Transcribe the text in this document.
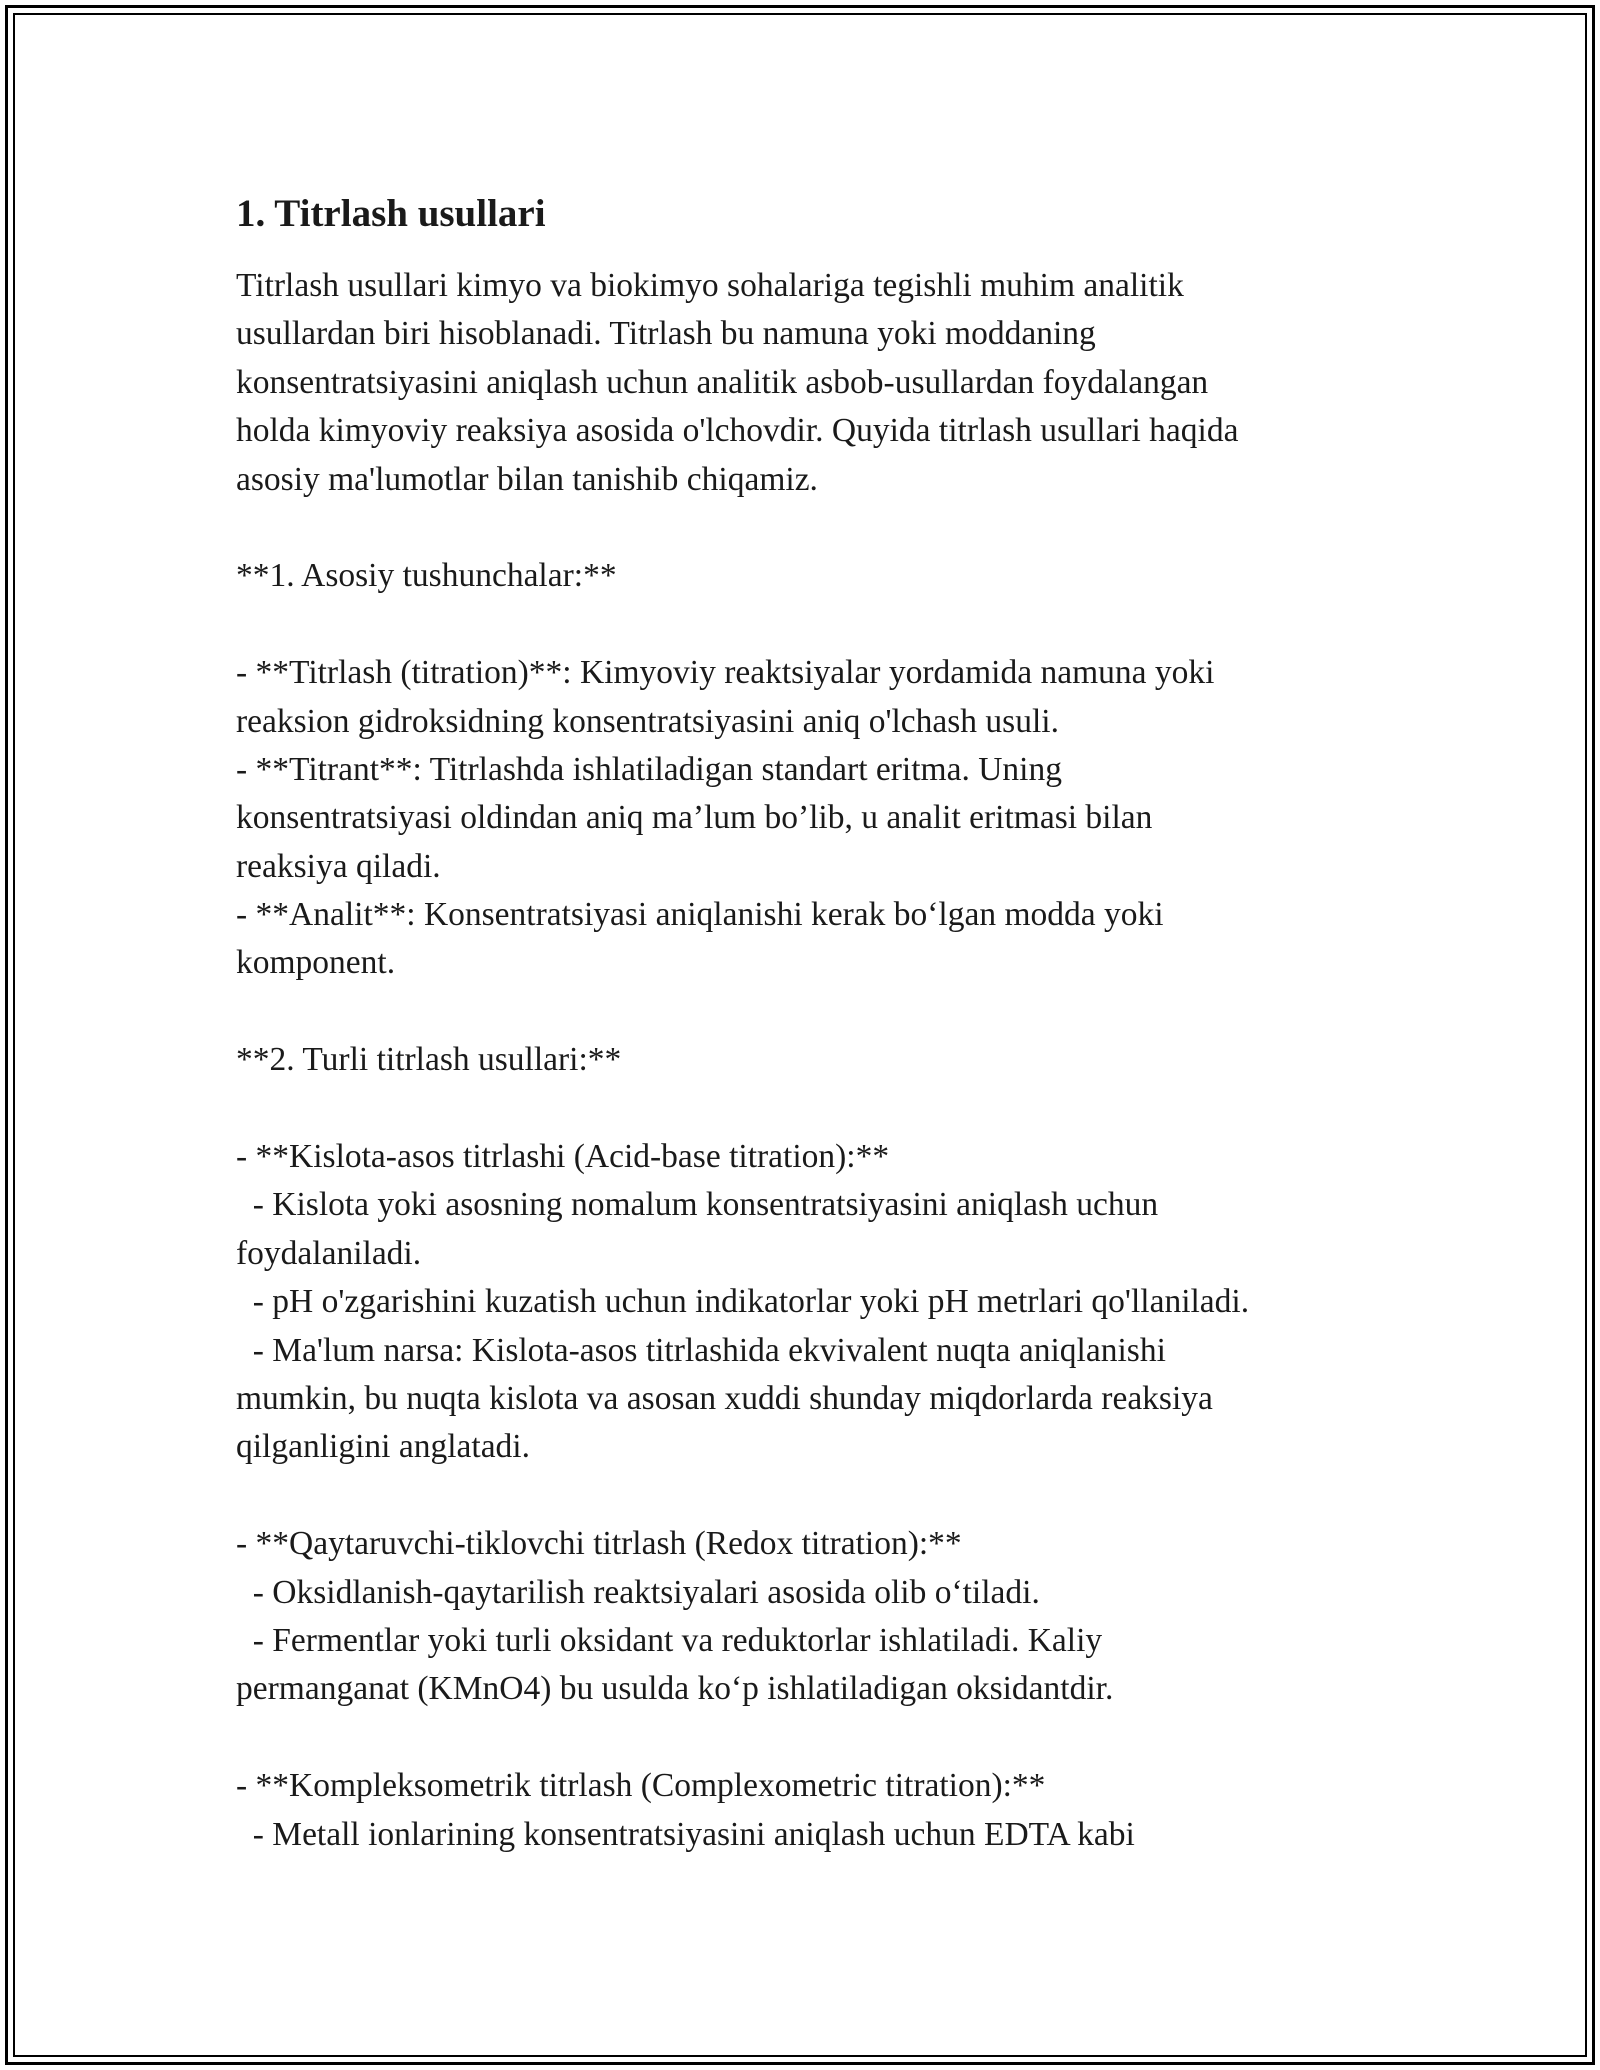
1. Titrlash usullari
Titrlash usullari kimyo va biokimyo sohalariga tegishli muhim analitik
usullardan biri hisoblanadi. Titrlash bu namuna yoki moddaning
konsentratsiyasini aniqlash uchun analitik asbob-usullardan foydalangan
holda kimyoviy reaksiya asosida o'lchovdir. Quyida titrlash usullari haqida
asosiy ma'lumotlar bilan tanishib chiqamiz.
**1. Asosiy tushunchalar:**
- **Titrlash (titration)**: Kimyoviy reaktsiyalar yordamida namuna yoki
reaksion gidroksidning konsentratsiyasini aniq o'lchash usuli.
- **Titrant**: Titrlashda ishlatiladigan standart eritma. Uning
konsentratsiyasi oldindan aniq ma’lum bo’lib, u analit eritmasi bilan
reaksiya qiladi.
- **Analit**: Konsentratsiyasi aniqlanishi kerak bo‘lgan modda yoki
komponent.
**2. Turli titrlash usullari:**
- **Kislota-asos titrlashi (Acid-base titration):**
- Kislota yoki asosning nomalum konsentratsiyasini aniqlash uchun
foydalaniladi.
- pH o'zgarishini kuzatish uchun indikatorlar yoki pH metrlari qo'llaniladi.
- Ma'lum narsa: Kislota-asos titrlashida ekvivalent nuqta aniqlanishi
mumkin, bu nuqta kislota va asosan xuddi shunday miqdorlarda reaksiya
qilganligini anglatadi.
- **Qaytaruvchi-tiklovchi titrlash (Redox titration):**
- Oksidlanish-qaytarilish reaktsiyalari asosida olib o‘tiladi.
- Fermentlar yoki turli oksidant va reduktorlar ishlatiladi. Kaliy
permanganat (KMnO4) bu usulda ko‘p ishlatiladigan oksidantdir.
- **Kompleksometrik titrlash (Complexometric titration):**
- Metall ionlarining konsentratsiyasini aniqlash uchun EDTA kabi
